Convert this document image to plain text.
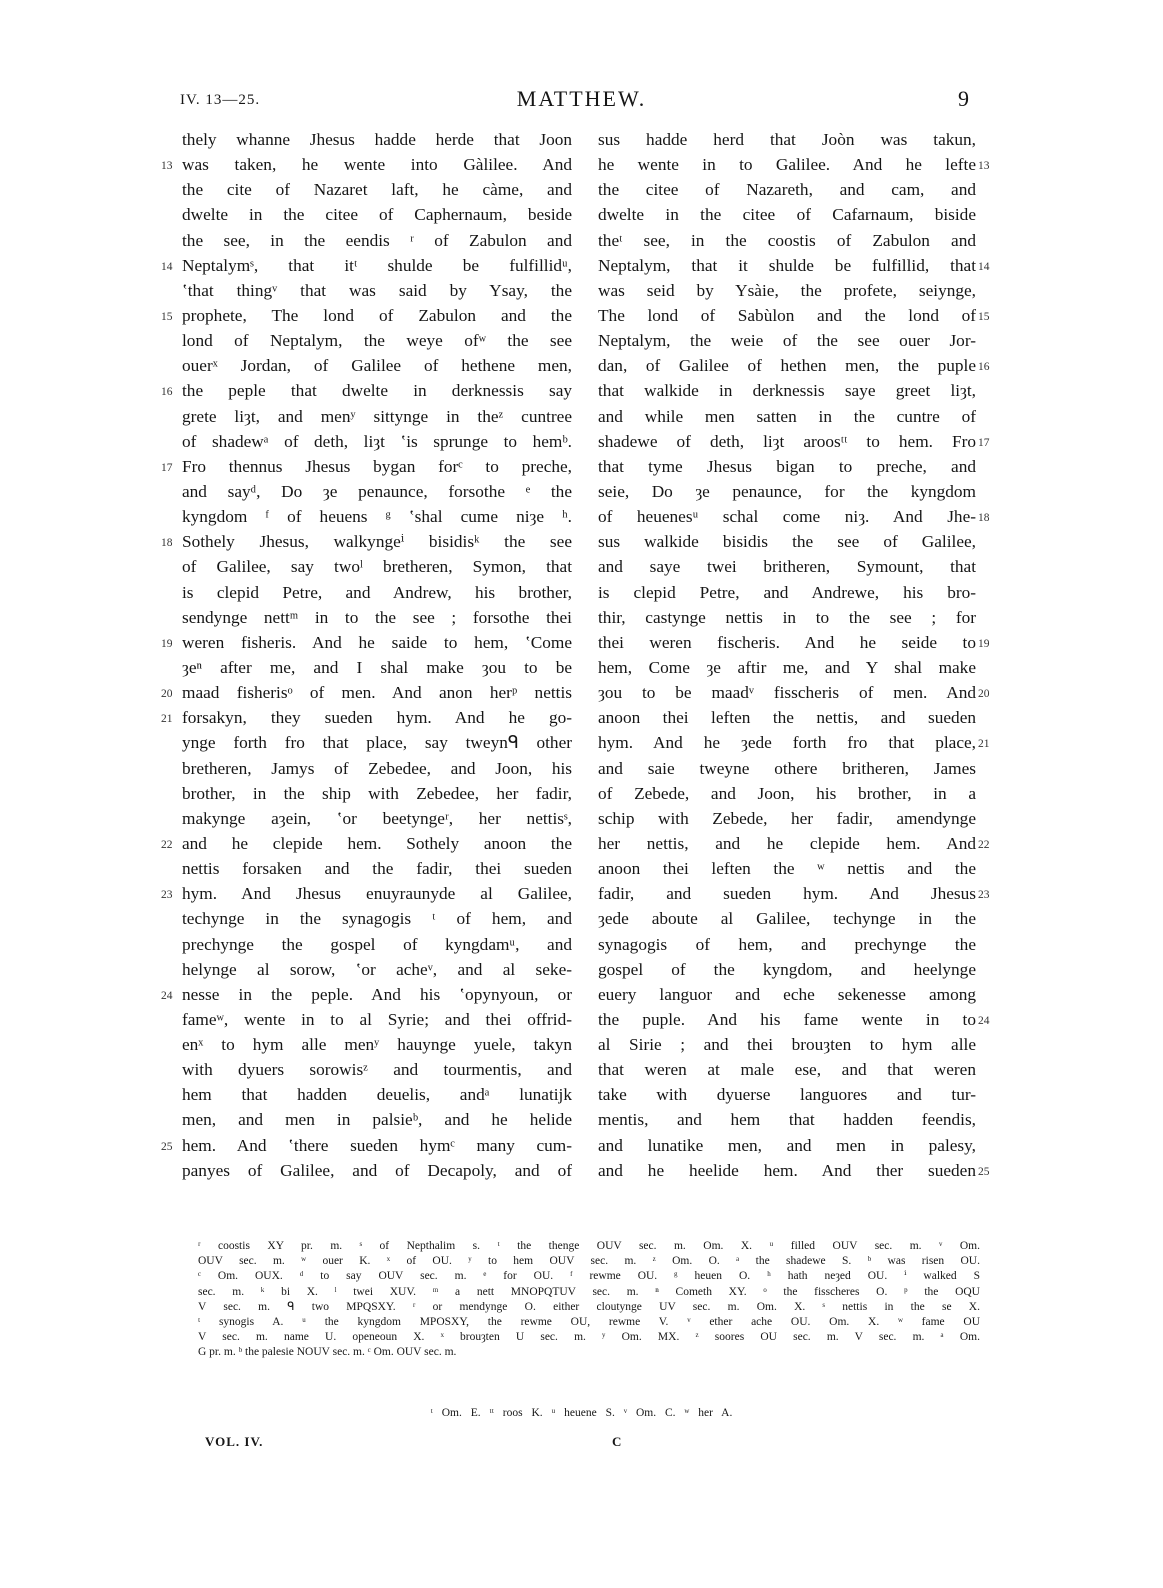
IV. 13—25.	MATTHEW.	9
thely whanne Jhesus hadde herde that Joon
was taken, he wente into Gàlilee. And
13
the cite of Nazaret laft, he càme, and
dwelte in the citee of Caphernaum, beside
the see, in the eendis ʳ of Zabulon and
Neptalymˢ, that itᵗ shulde be fulfillidᵘ,
14
ʽthat thingᵛ that was said by Ysay, the
prophete, The lond of Zabulon and the
15
lond of Neptalym, the weye ofʷ the see
ouerˣ Jordan, of Galilee of hethene men,
the peple that dwelte in derknessis say
16
grete liȝt, and menʸ sittynge in theᶻ cuntree
of shadewᵃ of deth, liȝt ʽis sprunge to hemᵇ.
Fro thennus Jhesus bygan forᶜ to preche,
17
and sayᵈ, Do ȝe penaunce, forsothe ᵉ the
kyngdom ᶠ of heuens ᵍ ʽshal cume niȝe ʰ.
Sothely Jhesus, walkyngeⁱ bisidisᵏ the see
18
of Galilee, say twoˡ bretheren, Symon, that
is clepid Petre, and Andrew, his brother,
sendynge nettᵐ in to the see ; forsothe thei
weren fisheris. And he saide to hem, ʽCome
19
ȝeⁿ after me, and I shal make ȝou to be
maad fisherisᵒ of men. And anon herᵖ nettis
20
forsakyn, they sueden hym. And he go-
21
ynge forth fro that place, say tweynᑫ other
bretheren, Jamys of Zebedee, and Joon, his
brother, in the ship with Zebedee, her fadir,
makynge aȝein, ʽor beetyngeʳ, her nettisˢ,
and he clepide hem. Sothely anoon the
22
nettis forsaken and the fadir, thei sueden
hym. And Jhesus enuyraunyde al Galilee,
23
techynge in the synagogis ᵗ of hem, and
prechynge the gospel of kyngdamᵘ, and
helynge al sorow, ʽor acheᵛ, and al seke-
nesse in the peple. And his ʽopynyoun, or
24
fameʷ, wente in to al Syrie; and thei offrid-
enˣ to hym alle menʸ hauynge yuele, takyn
with dyuers sorowisᶻ and tourmentis, and
hem that hadden deuelis, andᵃ lunatijk
men, and men in palsieᵇ, and he helide
hem. And ʽthere sueden hymᶜ many cum-
25
panyes of Galilee, and of Decapoly, and of
sus hadde herd that Joòn was takun,
he wente in to Galilee. And he lefte 13
the citee of Nazareth, and cam, and
dwelte in the citee of Cafarnaum, biside
theᵗ see, in the coostis of Zabulon and
Neptalym, that it shulde be fulfillid, that 14
was seid by Ysàie, the profete, seiynge,
The lond of Sabùlon and the lond of 15
Neptalym, the weie of the see ouer Jor-
dan, of Galilee of hethen men, the puple 16
that walkide in derknessis saye greet liȝt,
and while men satten in the cuntre of
shadewe of deth, liȝt aroosᵗᵗ to hem. Fro 17
that tyme Jhesus bigan to preche, and
seie, Do ȝe penaunce, for the kyngdom
of heuenesᵘ schal come niȝ. And Jhe- 18
sus walkide bisidis the see of Galilee,
and saye twei britheren, Symount, that
is clepid Petre, and Andrewe, his bro-
thir, castynge nettis in to the see ; for
thei weren fischeris. And he seide to 19
hem, Come ȝe aftir me, and Y shal make
ȝou to be maadᵛ fisscheris of men. And 20
anoon thei leften the nettis, and sueden
hym. And he ȝede forth fro that place, 21
and saie tweyne othere britheren, James
of Zebede, and Joon, his brother, in a
schip with Zebede, her fadir, amendynge
her nettis, and he clepide hem. And 22
anoon thei leften the ʷ nettis and the
fadir, and sueden hym. And Jhesus 23
ȝede aboute al Galilee, techynge in the
synagogis of hem, and prechynge the
gospel of the kyngdom, and heelynge
euery languor and eche sekenesse among
the puple. And his fame wente in to 24
al Sirie ; and thei brouȝten to hym alle
that weren at male ese, and that weren
take with dyuerse languores and tur-
mentis, and hem that hadden feendis,
and lunatike men, and men in palesy,
and he heelide hem. And ther sueden 25
ʳ coostis XY pr. m. ˢ of Nepthalim s. ᵗ the thenge OUV sec. m. Om. X. ᵘ filled OUV sec. m. ᵛ Om.
OUV sec. m. ʷ ouer K. ˣ of OU. ʸ to hem OUV sec. m. ᶻ Om. O. ᵃ the shadewe S. ᵇ was risen OU.
ᶜ Om. OUX. ᵈ to say OUV sec. m. ᵉ for OU. ᶠ rewme OU. ᵍ heuen O. ʰ hath neȝed OU. ⁱ walked S
sec. m. ᵏ bi X. ˡ twei XUV. ᵐ a nett MNOPQTUV sec. m. ⁿ Cometh XY. ᵒ the fisscheres O. ᵖ the OQU
V sec. m. ᑫ two MPQSXY. ʳ or mendynge O. either cloutynge UV sec. m. Om. X. ˢ nettis in the se X.
ᵗ synogis A. ᵘ the kyngdom MPOSXY, the rewme OU, rewme V. ᵛ ether ache OU. Om. X. ʷ fame OU
V sec. m. name U. openeoun X. ˣ brouȝten U sec. m. ʸ Om. MX. ᶻ soores OU sec. m. V sec. m. ᵃ Om.
G pr. m. ᵇ the palesie NOUV sec. m. ᶜ Om. OUV sec. m.
ᵗ Om. E. ᵗᵗ roos K. ᵘ heuene S. ᵛ Om. C. ʷ her A.
VOL. IV.	C
